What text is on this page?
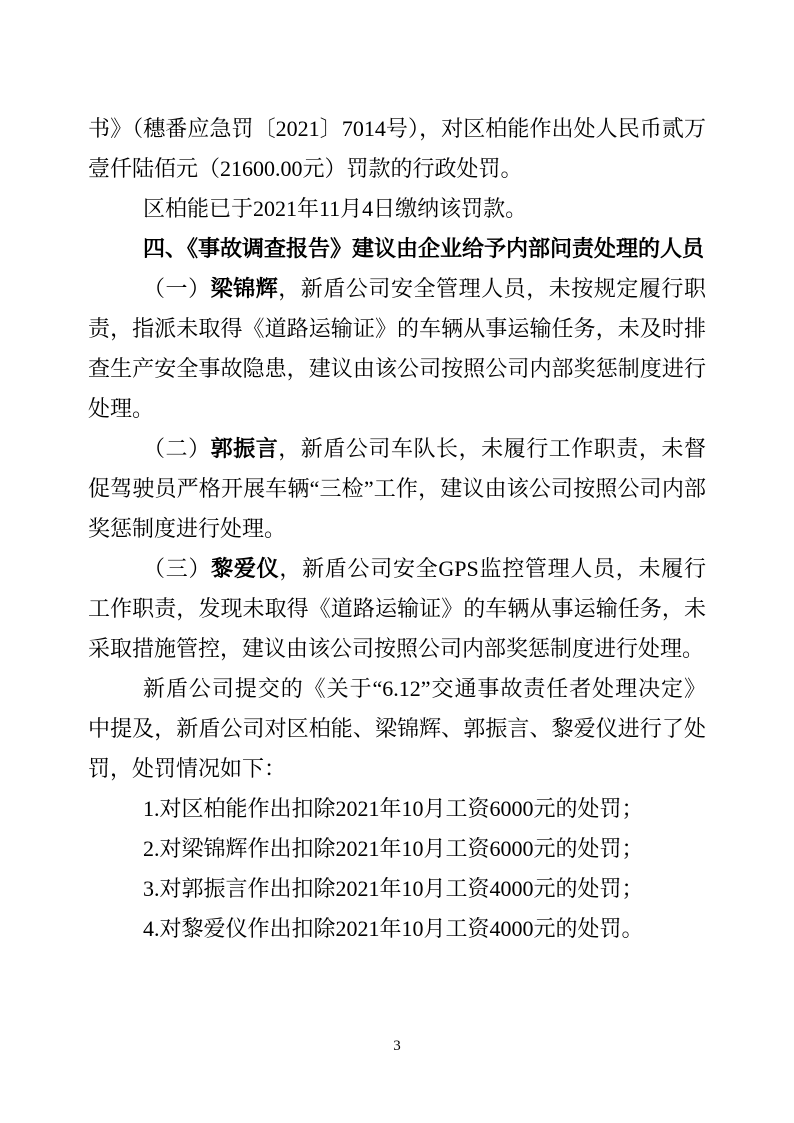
书》（穗番应急罚〔2021〕7014号），对区柏能作出处人民币贰万壹仟陆佰元（21600.00元）罚款的行政处罚。

区柏能已于2021年11月4日缴纳该罚款。

四、《事故调查报告》建议由企业给予内部问责处理的人员

（一）梁锦辉，新盾公司安全管理人员，未按规定履行职责，指派未取得《道路运输证》的车辆从事运输任务，未及时排查生产安全事故隐患，建议由该公司按照公司内部奖惩制度进行处理。

（二）郭振言，新盾公司车队长，未履行工作职责，未督促驾驶员严格开展车辆“三检”工作，建议由该公司按照公司内部奖惩制度进行处理。

（三）黎爱仪，新盾公司安全GPS监控管理人员，未履行工作职责，发现未取得《道路运输证》的车辆从事运输任务，未采取措施管控，建议由该公司按照公司内部奖惩制度进行处理。

新盾公司提交的《关于“6.12”交通事故责任者处理决定》中提及，新盾公司对区柏能、梁锦辉、郭振言、黎爱仪进行了处罚，处罚情况如下：

1.对区柏能作出扣除2021年10月工资6000元的处罚；

2.对梁锦辉作出扣除2021年10月工资6000元的处罚；

3.对郭振言作出扣除2021年10月工资4000元的处罚；

4.对黎爱仪作出扣除2021年10月工资4000元的处罚。

3
